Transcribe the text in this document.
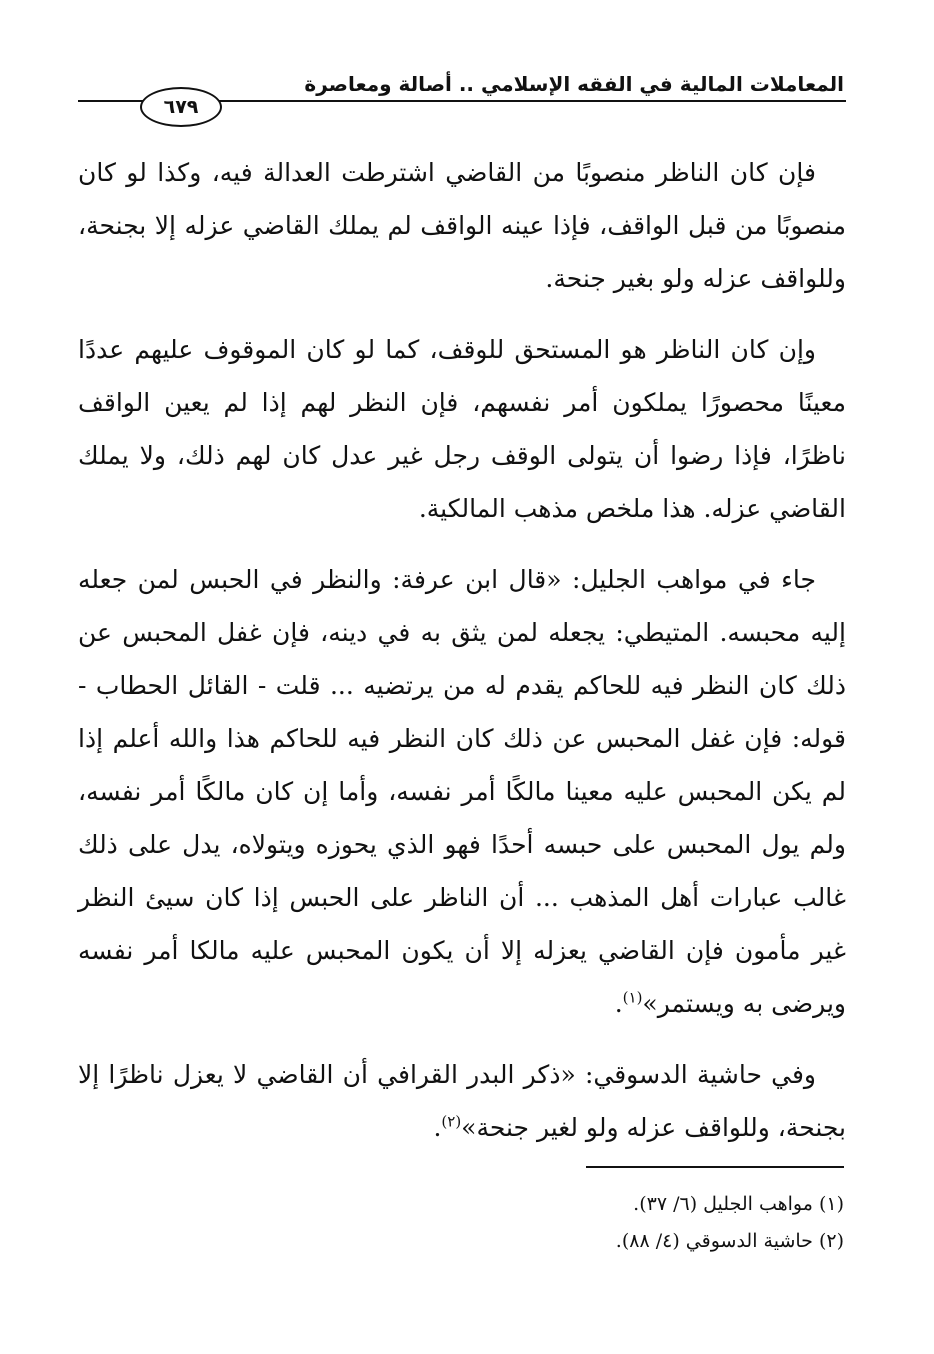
المعاملات المالية في الفقه الإسلامي .. أصالة ومعاصرة
٦٧٩

فإن كان الناظر منصوبًا من القاضي اشترطت العدالة فيه، وكذا لو كان منصوبًا من قبل الواقف، فإذا عينه الواقف لم يملك القاضي عزله إلا بجنحة، وللواقف عزله ولو بغير جنحة.

وإن كان الناظر هو المستحق للوقف، كما لو كان الموقوف عليهم عددًا معينًا محصورًا يملكون أمر نفسهم، فإن النظر لهم إذا لم يعين الواقف ناظرًا، فإذا رضوا أن يتولى الوقف رجل غير عدل كان لهم ذلك، ولا يملك القاضي عزله. هذا ملخص مذهب المالكية.

جاء في مواهب الجليل: «قال ابن عرفة: والنظر في الحبس لمن جعله إليه محبسه. المتيطي: يجعله لمن يثق به في دينه، فإن غفل المحبس عن ذلك كان النظر فيه للحاكم يقدم له من يرتضيه ... قلت - القائل الحطاب - قوله: فإن غفل المحبس عن ذلك كان النظر فيه للحاكم هذا والله أعلم إذا لم يكن المحبس عليه معينا مالكًا أمر نفسه، وأما إن كان مالكًا أمر نفسه، ولم يول المحبس على حبسه أحدًا فهو الذي يحوزه ويتولاه، يدل على ذلك غالب عبارات أهل المذهب ... أن الناظر على الحبس إذا كان سيئ النظر غير مأمون فإن القاضي يعزله إلا أن يكون المحبس عليه مالكا أمر نفسه ويرضى به ويستمر»$^{(١)}$.

وفي حاشية الدسوقي: «ذكر البدر القرافي أن القاضي لا يعزل ناظرًا إلا بجنحة، وللواقف عزله ولو لغير جنحة»$^{(٢)}$.

(١) مواهب الجليل (٦/ ٣٧).

(٢) حاشية الدسوقي (٤/ ٨٨).
